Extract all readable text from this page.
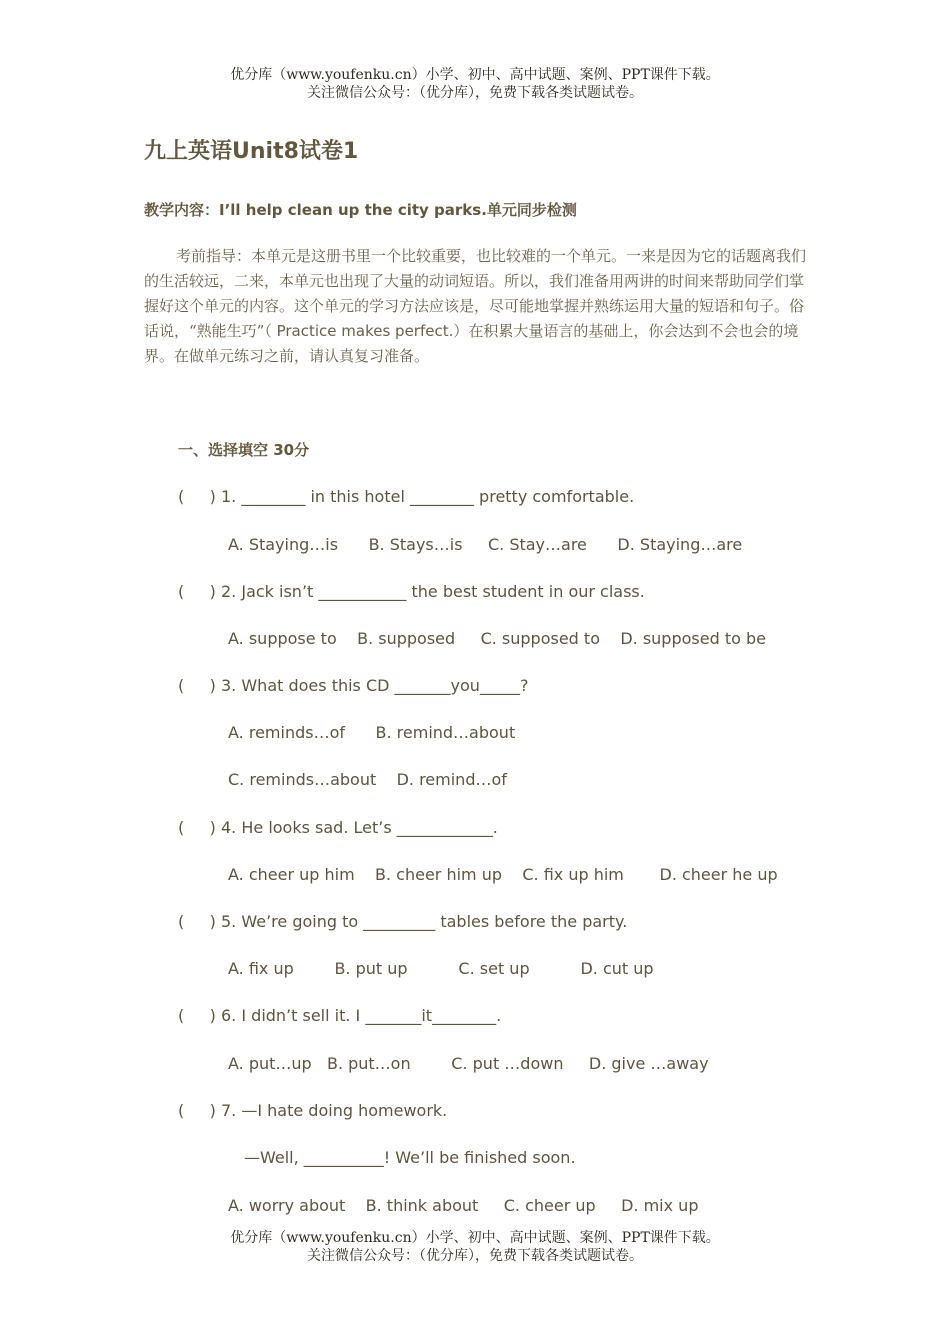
优分库（www.youfenku.cn）小学、初中、高中试题、案例、PPT课件下载。
关注微信公众号：（优分库），免费下载各类试题试卷。
九上英语Unit8试卷1
教学内容：I’ll help clean up the city parks.单元同步检测
考前指导：本单元是这册书里一个比较重要，也比较难的一个单元。一来是因为它的话题离我们的生活较远，二来，本单元也出现了大量的动词短语。所以，我们准备用两讲的时间来帮助同学们掌握好这个单元的内容。这个单元的学习方法应该是，尽可能地掌握并熟练运用大量的短语和句子。俗话说，“熟能生巧”（ Practice makes perfect.）在积累大量语言的基础上，你会达到不会也会的境界。在做单元练习之前，请认真复习准备。
一、选择填空 30分
(     ) 1. ________ in this hotel ________ pretty comfortable.
A. Staying…is      B. Stays…is     C. Stay…are      D. Staying…are
(     ) 2. Jack isn’t ___________ the best student in our class.
A. suppose to    B. supposed     C. supposed to    D. supposed to be
(     ) 3. What does this CD _______you_____?
A. reminds…of      B. remind…about
C. reminds…about    D. remind…of
(     ) 4. He looks sad. Let’s ____________.
A. cheer up him    B. cheer him up    C. fix up him       D. cheer he up
(     ) 5. We’re going to _________ tables before the party.
A. fix up        B. put up          C. set up          D. cut up
(     ) 6. I didn’t sell it. I _______it________.
A. put…up   B. put…on        C. put …down     D. give …away
(     ) 7. —I hate doing homework.
—Well, __________! We’ll be finished soon.
A. worry about    B. think about     C. cheer up     D. mix up
优分库（www.youfenku.cn）小学、初中、高中试题、案例、PPT课件下载。
关注微信公众号：（优分库），免费下载各类试题试卷。
